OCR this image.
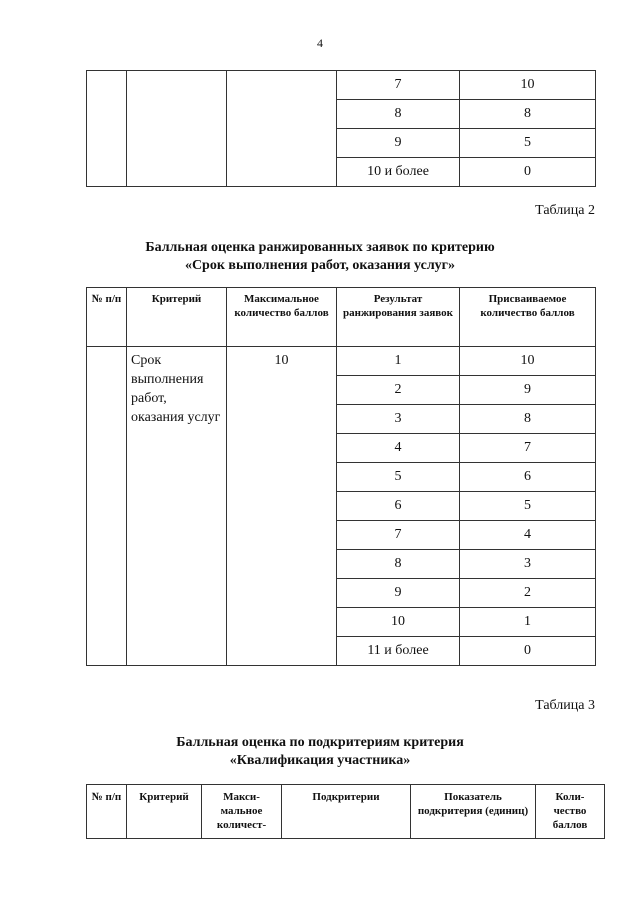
4
			7	10
			8	8
			9	5
			10 и более	0
Таблица 2
Балльная оценка ранжированных заявок по критерию
«Срок выполнения работ, оказания услуг»
№ п/п	Критерий	Максимальное количество баллов	Результат ранжирования заявок	Присваиваемое количество баллов
	Срок выполнения работ, оказания услуг	10	1	10
			2	9
			3	8
			4	7
			5	6
			6	5
			7	4
			8	3
			9	2
			10	1
			11 и более	0
Таблица 3
Балльная оценка по подкритериям критерия
«Квалификация участника»
№ п/п	Критерий	Макси- мальное количест-	Подкритерии	Показатель подкритерия (единиц)	Коли- чество баллов
